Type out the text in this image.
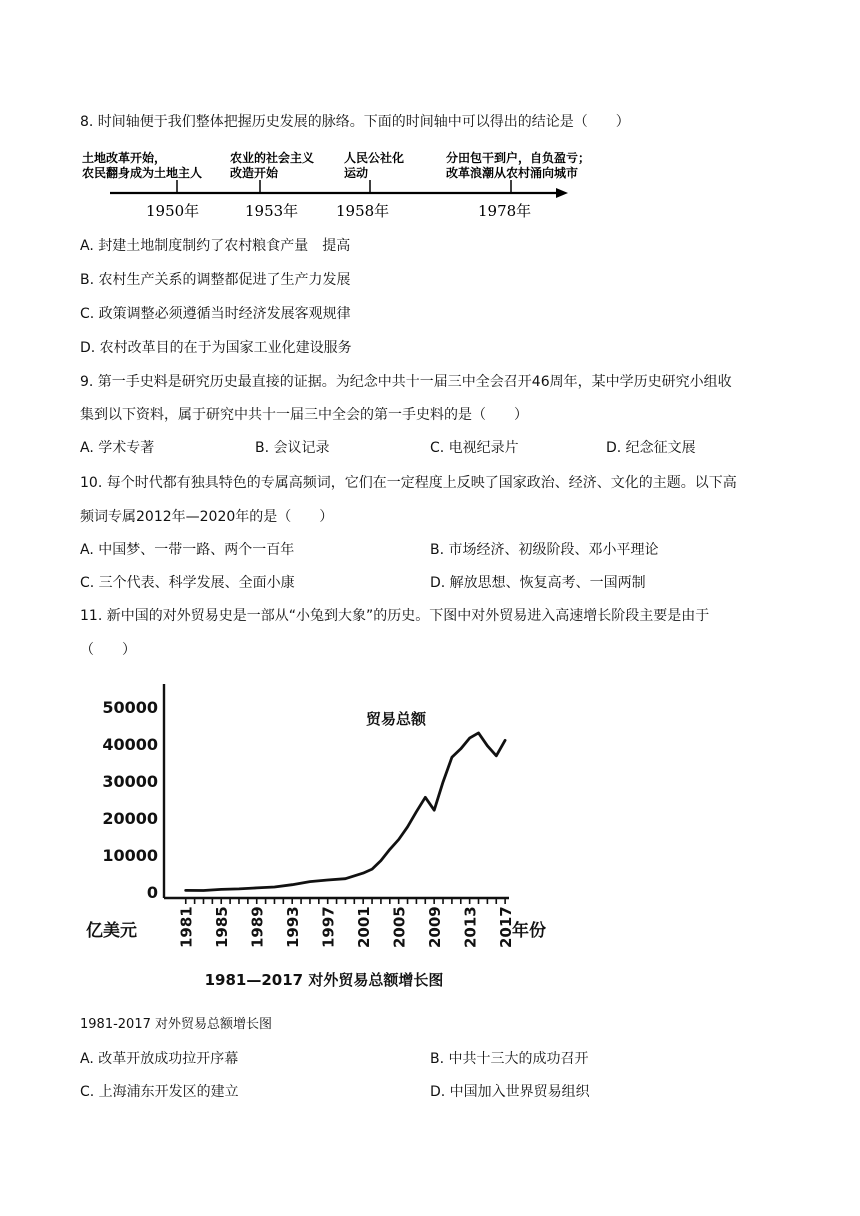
8. 时间轴便于我们整体把握历史发展的脉络。下面的时间轴中可以得出的结论是（　　）
土地改革开始，
农民翻身成为土地主人
农业的社会主义
改造开始
人民公社化
运动
分田包干到户，自负盈亏；
改革浪潮从农村涌向城市
1950年	1953年	1958年	1978年
A. 封建土地制度制约了农村粮食产量　提高
B. 农村生产关系的调整都促进了生产力发展
C. 政策调整必须遵循当时经济发展客观规律
D. 农村改革目的在于为国家工业化建设服务
9. 第一手史料是研究历史最直接的证据。为纪念中共十一届三中全会召开46周年，某中学历史研究小组收
集到以下资料，属于研究中共十一届三中全会的第一手史料的是（　　）
A. 学术专著	B. 会议记录	C. 电视纪录片	D. 纪念征文展
10. 每个时代都有独具特色的专属高频词，它们在一定程度上反映了国家政治、经济、文化的主题。以下高
频词专属2012年—2020年的是（　　）
A. 中国梦、一带一路、两个一百年	B. 市场经济、初级阶段、邓小平理论
C. 三个代表、科学发展、全面小康	D. 解放思想、恢复高考、一国两制
11. 新中国的对外贸易史是一部从“小兔到大象”的历史。下图中对外贸易进入高速增长阶段主要是由于
（　　）
0
10000
20000
30000
40000
50000
1981 1985 1989 1993 1997 2001 2005 2009 2013 2017
亿美元	年份
贸易总额
1981—2017 对外贸易总额增长图
1981-2017 对外贸易总额增长图
A. 改革开放成功拉开序幕	B. 中共十三大的成功召开
C. 上海浦东开发区的建立	D. 中国加入世界贸易组织
